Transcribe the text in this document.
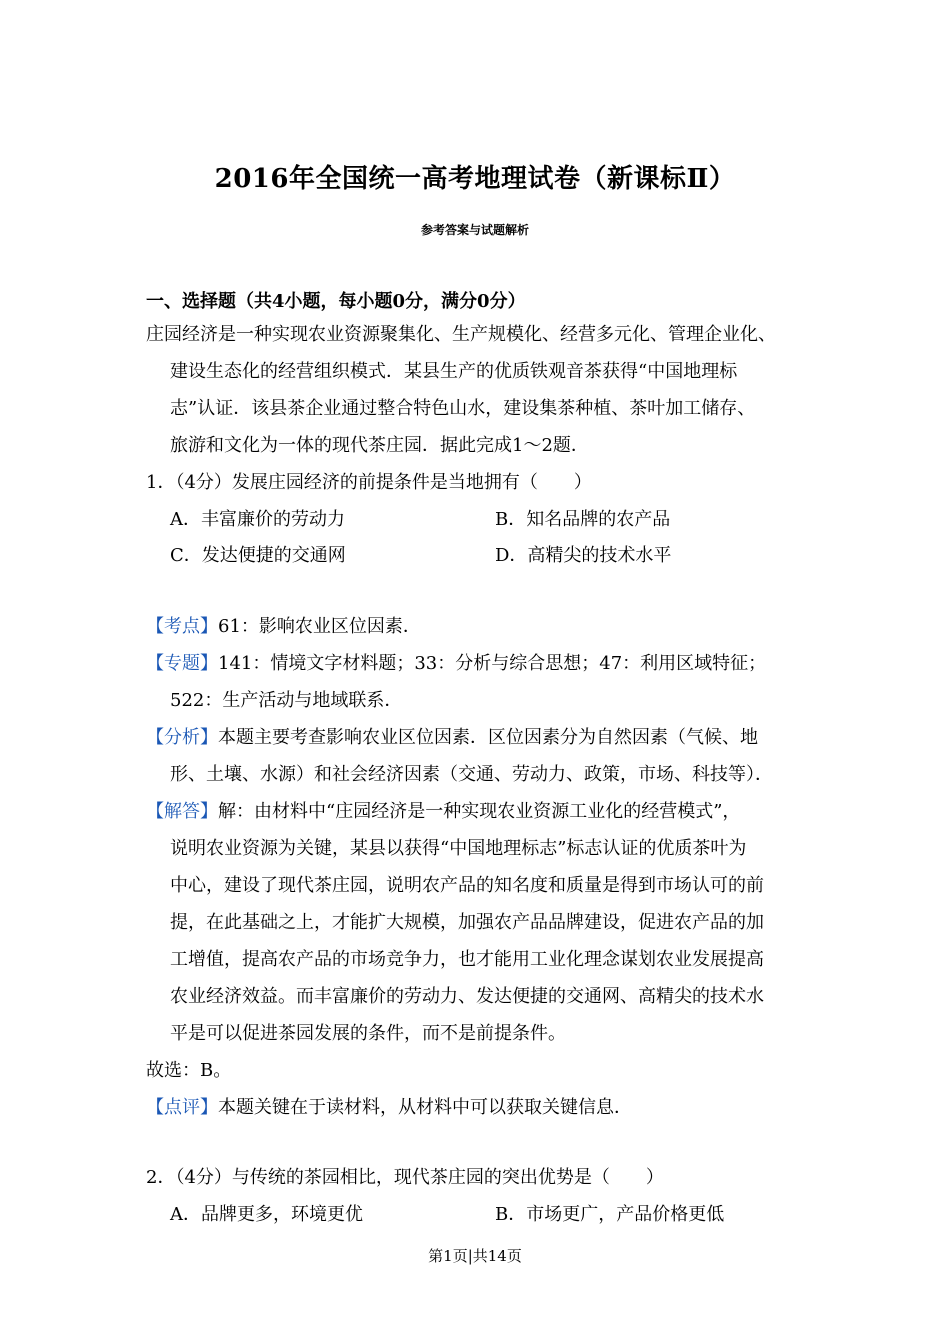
2016年全国统一高考地理试卷（新课标Ⅱ）
参考答案与试题解析
一、选择题（共4小题，每小题0分，满分0分）
庄园经济是一种实现农业资源聚集化、生产规模化、经营多元化、管理企业化、
建设生态化的经营组织模式．某县生产的优质铁观音茶获得“中国地理标
志”认证．该县茶企业通过整合特色山水，建设集茶种植、茶叶加工储存、
旅游和文化为一体的现代茶庄园．据此完成1～2题．
1．（4分）发展庄园经济的前提条件是当地拥有（　　）
A．丰富廉价的劳动力	B．知名品牌的农产品
C．发达便捷的交通网	D．高精尖的技术水平
【考点】61：影响农业区位因素．
【专题】141：情境文字材料题；33：分析与综合思想；47：利用区域特征；
522：生产活动与地域联系．
【分析】本题主要考查影响农业区位因素．区位因素分为自然因素（气候、地
形、土壤、水源）和社会经济因素（交通、劳动力、政策，市场、科技等）．
【解答】解：由材料中“庄园经济是一种实现农业资源工业化的经营模式”，
说明农业资源为关键，某县以获得“中国地理标志”标志认证的优质茶叶为
中心，建设了现代茶庄园，说明农产品的知名度和质量是得到市场认可的前
提，在此基础之上，才能扩大规模，加强农产品品牌建设，促进农产品的加
工增值，提高农产品的市场竞争力，也才能用工业化理念谋划农业发展提高
农业经济效益。而丰富廉价的劳动力、发达便捷的交通网、高精尖的技术水
平是可以促进茶园发展的条件，而不是前提条件。
故选：B。
【点评】本题关键在于读材料，从材料中可以获取关键信息．
2．（4分）与传统的茶园相比，现代茶庄园的突出优势是（　　）
A．品牌更多，环境更优	B．市场更广，产品价格更低
第1页|共14页
